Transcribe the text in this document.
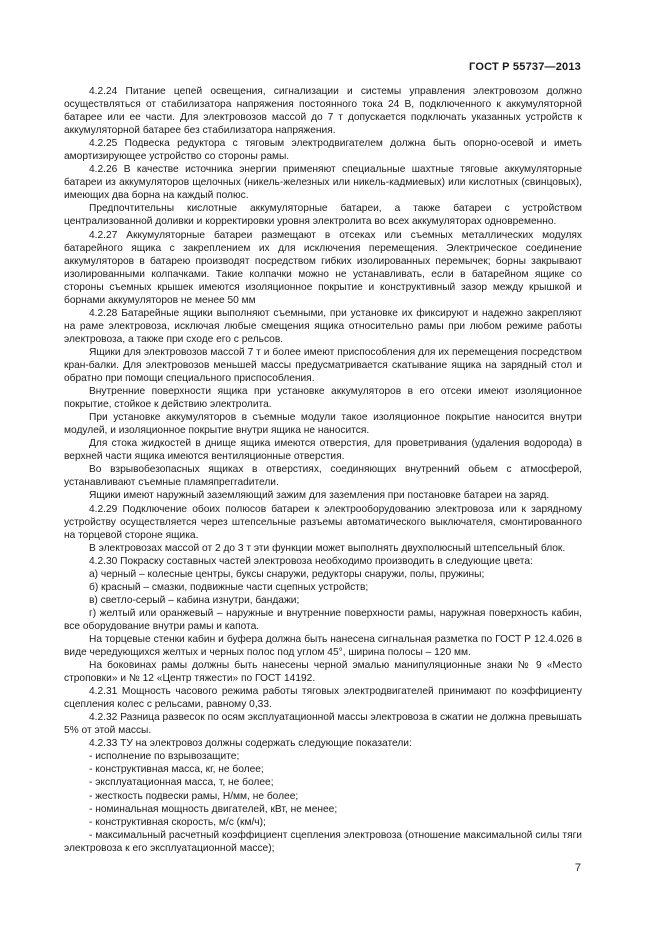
ГОСТ Р 55737—2013

4.2.24 Питание цепей освещения, сигнализации и системы управления электровозом должно осуществляться от стабилизатора напряжения постоянного тока 24 В, подключенного к аккумуляторной батарее или ее части. Для электровозов массой до 7 т допускается подключать указанных устройств к аккумуляторной батарее без стабилизатора напряжения.

4.2.25 Подвеска редуктора с тяговым электродвигателем должна быть опорно-осевой и иметь амортизирующее устройство со стороны рамы.

4.2.26 В качестве источника энергии применяют специальные шахтные тяговые аккумуляторные батареи из аккумуляторов щелочных (никель-железных или никель-кадмиевых) или кислотных (свинцовых), имеющих два борна на каждый полюс.

Предпочтительны кислотные аккумуляторные батареи, а также батареи с устройством централизованной доливки и корректировки уровня электролита во всех аккумуляторах одновременно.

4.2.27 Аккумуляторные батареи размещают в отсеках или съемных металлических модулях батарейного ящика с закреплением их для исключения перемещения. Электрическое соединение аккумуляторов в батарею производят посредством гибких изолированных перемычек; борны закрывают изолированными колпачками. Такие колпачки можно не устанавливать, если в батарейном ящике со стороны съемных крышек имеются изоляционное покрытие и конструктивный зазор между крышкой и борнами аккумуляторов не менее 50 мм

4.2.28 Батарейные ящики выполняют съемными, при установке их фиксируют и надежно закрепляют на раме электровоза, исключая любые смещения ящика относительно рамы при любом режиме работы электровоза, а также при сходе его с рельсов.

Ящики для электровозов массой 7 т и более имеют приспособления для их перемещения посредством кран-балки. Для электровозов меньшей массы предусматривается скатывание ящика на зарядный стол и обратно при помощи специального приспособления.

Внутренние поверхности ящика при установке аккумуляторов в его отсеки имеют изоляционное покрытие, стойкое к действию электролита.

При установке аккумуляторов в съемные модули такое изоляционное покрытие наносится внутри модулей, и изоляционное покрытие внутри ящика не наносится.

Для стока жидкостей в днище ящика имеются отверстия, для проветривания (удаления водорода) в верхней части ящика имеются вентиляционные отверстия.

Во взрывобезопасных ящиках в отверстиях, соединяющих внутренний обьем с атмосферой, устанавливают съемные пламяпрегradители.

Ящики имеют наружный заземляющий зажим для заземления при постановке батареи на заряд.

4.2.29 Подключение обоих полюсов батареи к электрооборудованию электровоза или к зарядному устройству осуществляется через штепсельные разъемы автоматического выключателя, смонтированного на торцевой стороне ящика.

В электровозах массой от 2 до 3 т эти функции может выполнять двухполюсный штепсельный блок.

4.2.30 Покраску составных частей электровоза необходимо производить в следующие цвета:

а) черный – колесные центры, буксы снаружи, редукторы снаружи, полы, пружины;

б) красный – смазки, подвижные части сцепных устройств;

в) светло-серый – кабина изнутри, бандажи;

г) желтый или оранжевый – наружные и внутренние поверхности рамы, наружная поверхность кабин, все оборудование внутри рамы и капота.

На торцевые стенки кабин и буфера должна быть нанесена сигнальная разметка по ГОСТ Р 12.4.026 в виде чередующихся желтых и черных полос под углом 45°, ширина полосы – 120 мм.

На боковинах рамы должны быть нанесены черной эмалью манипуляционные знаки № 9 «Место строповки» и № 12 «Центр тяжести» по ГОСТ 14192.

4.2.31 Мощность часового режима работы тяговых электродвигателей принимают по коэффициенту сцепления колес с рельсами, равному 0,33.

4.2.32 Разница развесок по осям эксплуатационной массы электровоза в сжатии не должна превышать 5% от этой массы.

4.2.33 ТУ на электровоз должны содержать следующие показатели:

- исполнение по взрывозащите;

- конструктивная масса, кг, не более;

- эксплуатационная масса, т, не более;

- жесткость подвески рамы, Н/мм, не более;

- номинальная мощность двигателей, кВт, не менее;

- конструктивная скорость, м/с (км/ч);

- максимальный расчетный коэффициент сцепления электровоза (отношение максимальной силы тяги электровоза к его эксплуатационной массе);

7
